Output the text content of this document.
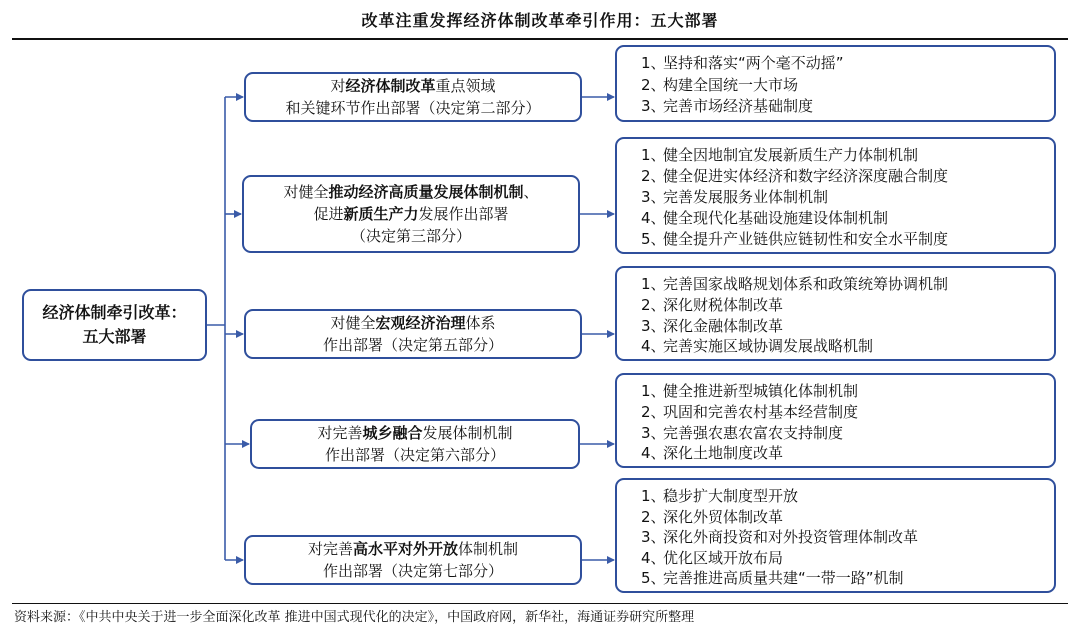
改革注重发挥经济体制改革牵引作用：五大部署
经济体制牵引改革：
五大部署
对经济体制改革重点领域
和关键环节作出部署（决定第二部分）
1、坚持和落实“两个毫不动摇”
2、构建全国统一大市场
3、完善市场经济基础制度
对健全推动经济高质量发展体制机制、
促进新质生产力发展作出部署
（决定第三部分）
1、健全因地制宜发展新质生产力体制机制
2、健全促进实体经济和数字经济深度融合制度
3、完善发展服务业体制机制
4、健全现代化基础设施建设体制机制
5、健全提升产业链供应链韧性和安全水平制度
对健全宏观经济治理体系
作出部署（决定第五部分）
1、完善国家战略规划体系和政策统筹协调机制
2、深化财税体制改革
3、深化金融体制改革
4、完善实施区域协调发展战略机制
对完善城乡融合发展体制机制
作出部署（决定第六部分）
1、健全推进新型城镇化体制机制
2、巩固和完善农村基本经营制度
3、完善强农惠农富农支持制度
4、深化土地制度改革
对完善高水平对外开放体制机制
作出部署（决定第七部分）
1、稳步扩大制度型开放
2、深化外贸体制改革
3、深化外商投资和对外投资管理体制改革
4、优化区域开放布局
5、完善推进高质量共建“一带一路”机制
资料来源：《中共中央关于进一步全面深化改革 推进中国式现代化的决定》，中国政府网，新华社，海通证券研究所整理
